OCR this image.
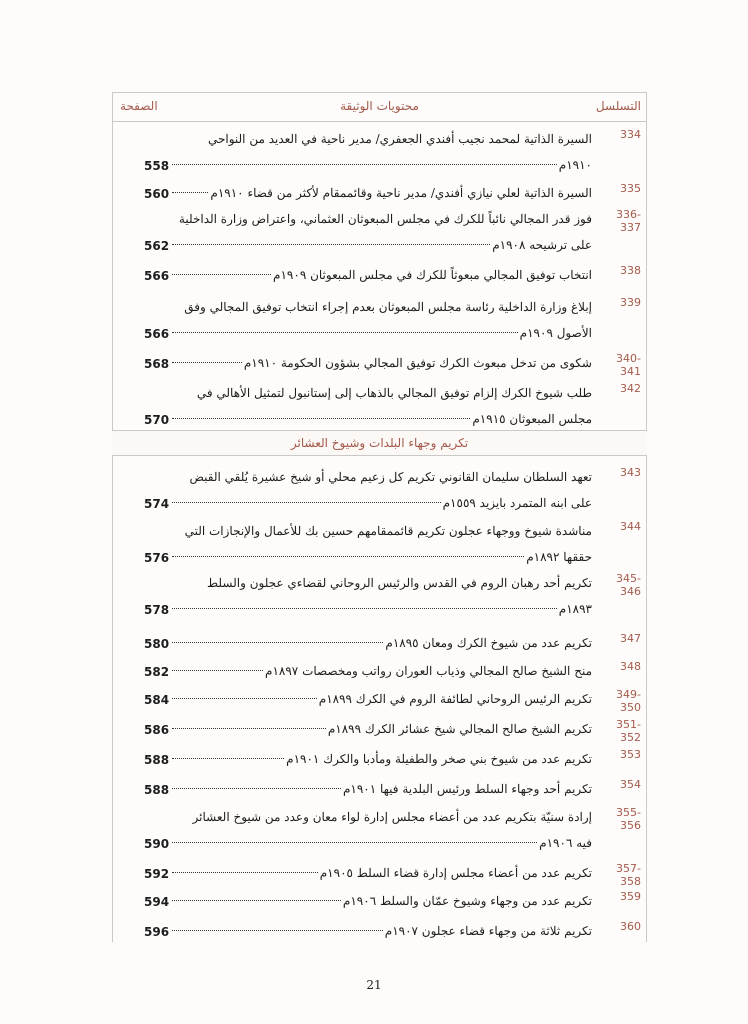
التسلسل
محتويات الوثيقة
الصفحة
334
السيرة الذاتية لمحمد نجيب أفندي الجعفري/ مدير ناحية في العديد من النواحي
١٩١٠م
558
335
السيرة الذاتية لعلي نيازي أفندي/ مدير ناحية وقائممقام لأكثر من قضاء ١٩١٠م
560
336-337
فوز قدر المجالي نائباً للكرك في مجلس المبعوثان العثماني، واعتراض وزارة الداخلية
على ترشيحه ١٩٠٨م
562
338
انتخاب توفيق المجالي مبعوثاً للكرك في مجلس المبعوثان ١٩٠٩م
566
339
إبلاغ وزارة الداخلية رئاسة مجلس المبعوثان بعدم إجراء انتخاب توفيق المجالي وفق
الأصول ١٩٠٩م
566
340-341
شكوى من تدخل مبعوث الكرك توفيق المجالي بشؤون الحكومة ١٩١٠م
568
342
طلب شيوخ الكرك إلزام توفيق المجالي بالذهاب إلى إستانبول لتمثيل الأهالي في
مجلس المبعوثان ١٩١٥م
570
تكريم وجهاء البلدات وشيوخ العشائر
343
تعهد السلطان سليمان القانوني تكريم كل زعيم محلي أو شيخ عشيرة يُلقي القبض
على ابنه المتمرد بايزيد ١٥٥٩م
574
344
مناشدة شيوخ ووجهاء عجلون تكريم قائممقامهم حسين بك للأعمال والإنجازات التي
حققها ١٨٩٢م
576
345-346
تكريم أحد رهبان الروم في القدس والرئيس الروحاني لقضاءي عجلون والسلط
١٨٩٣م
578
347
تكريم عدد من شيوخ الكرك ومعان ١٨٩٥م
580
348
منح الشيخ صالح المجالي وذياب العوران رواتب ومخصصات ١٨٩٧م
582
349-350
تكريم الرئيس الروحاني لطائفة الروم في الكرك ١٨٩٩م
584
351-352
تكريم الشيخ صالح المجالي شيخ عشائر الكرك ١٨٩٩م
586
353
تكريم عدد من شيوخ بني صخر والطفيلة ومأدبا والكرك ١٩٠١م
588
354
تكريم أحد وجهاء السلط ورئيس البلدية فيها ١٩٠١م
588
355-356
إرادة سنيّة بتكريم عدد من أعضاء مجلس إدارة لواء معان وعدد من شيوخ العشائر
فيه ١٩٠٦م
590
357-358
تكريم عدد من أعضاء مجلس إدارة قضاء السلط ١٩٠٥م
592
359
تكريم عدد من وجهاء وشيوخ عمّان والسلط ١٩٠٦م
594
360
تكريم ثلاثة من وجهاء قضاء عجلون ١٩٠٧م
596
21
